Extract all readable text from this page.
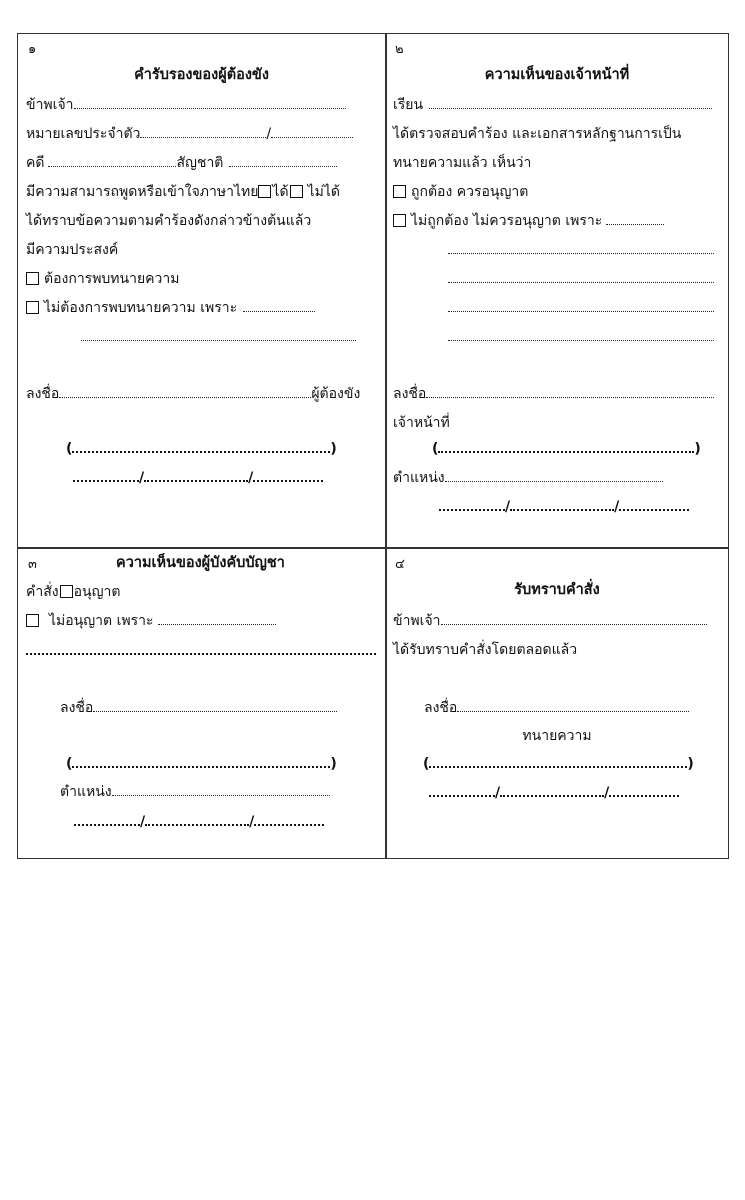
๑
คำรับรองของผู้ต้องขัง
ข้าพเจ้า
หมายเลขประจำตัว	/
คดี	สัญชาติ
มีความสามารถพูดหรือเข้าใจภาษาไทย ได้ ไม่ได้
ได้ทราบข้อความตามคำร้องดังกล่าวข้างต้นแล้ว
มีความประสงค์
ต้องการพบทนายความ
ไม่ต้องการพบทนายความ เพราะ
ลงชื่อ	ผู้ต้องขัง
(	)
/	/
๒
ความเห็นของเจ้าหน้าที่
เรียน
ได้ตรวจสอบคำร้อง และเอกสารหลักฐานการเป็น
ทนายความแล้ว เห็นว่า
ถูกต้อง ควรอนุญาต
ไม่ถูกต้อง ไม่ควรอนุญาต เพราะ
ลงชื่อ
เจ้าหน้าที่
(	)
ตำแหน่ง
/	/
๓	ความเห็นของผู้บังคับบัญชา
คำสั่ง อนุญาต
ไม่อนุญาต เพราะ
ลงชื่อ
(	)
ตำแหน่ง
/	/
๔
รับทราบคำสั่ง
ข้าพเจ้า
ได้รับทราบคำสั่งโดยตลอดแล้ว
ลงชื่อ
ทนายความ
(	)
/	/
